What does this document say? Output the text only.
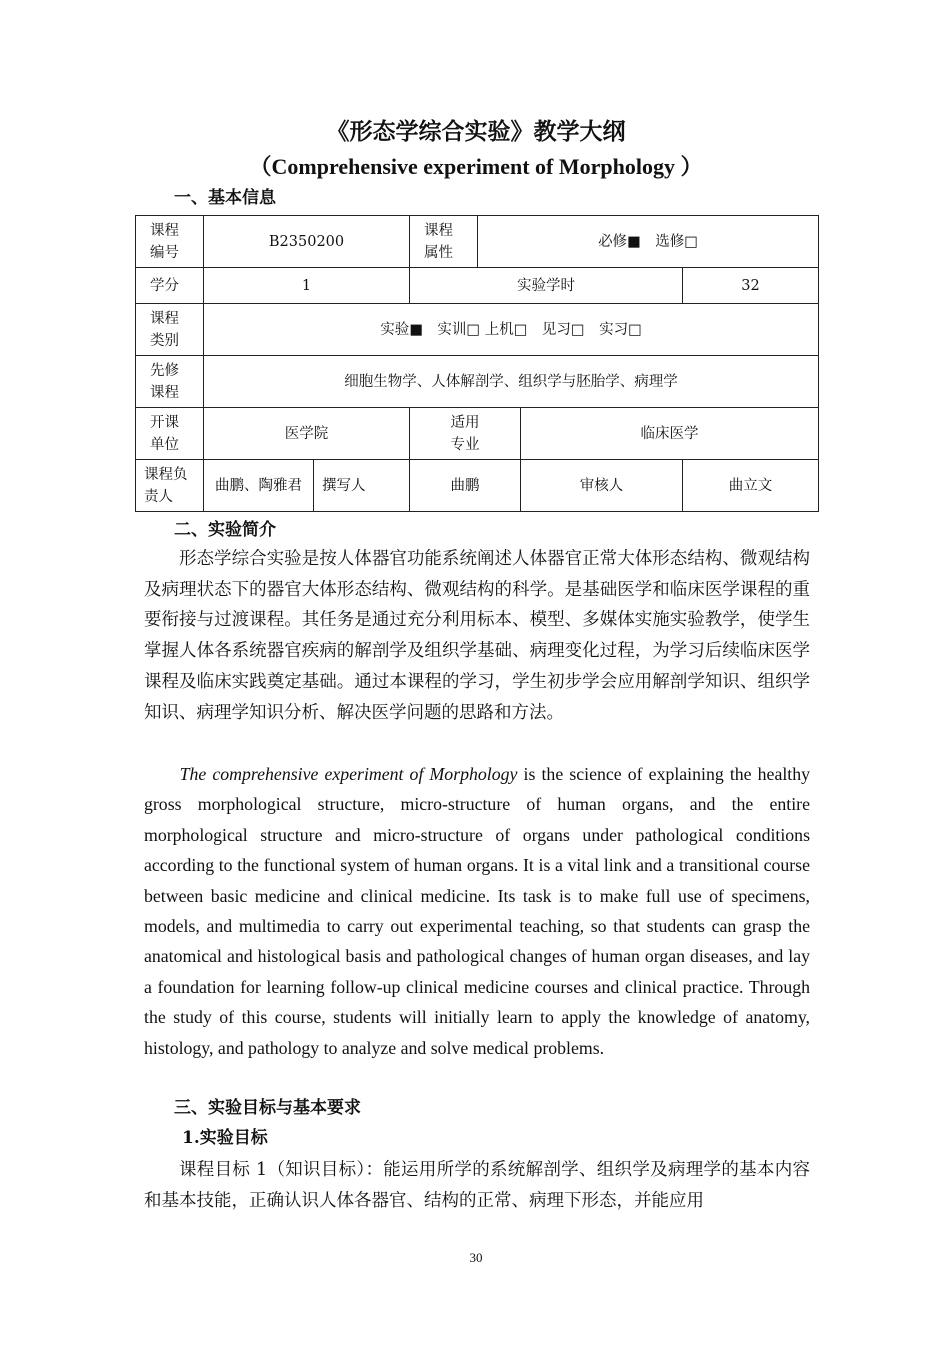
《形态学综合实验》教学大纲
（Comprehensive experiment of Morphology ）
一、基本信息
课程
编号	B2350200		课程
属性	必修■　选修□		
学分	1		实验学时			32
课程
类别	实验■　实训□ 上机□　见习□　实习□					
先修
课程	细胞生物学、人体解剖学、组织学与胚胎学、病理学					
开课
单位	医学院		适用
专业		临床医学	
课程负
责人	曲鹏、陶雅君	撰写人	曲鹏		审核人	曲立文
二、实验简介
形态学综合实验是按人体器官功能系统阐述人体器官正常大体形态结构、微观结构及病理状态下的器官大体形态结构、微观结构的科学。是基础医学和临床医学课程的重要衔接与过渡课程。其任务是通过充分利用标本、模型、多媒体实施实验教学，使学生掌握人体各系统器官疾病的解剖学及组织学基础、病理变化过程，为学习后续临床医学课程及临床实践奠定基础。通过本课程的学习，学生初步学会应用解剖学知识、组织学知识、病理学知识分析、解决医学问题的思路和方法。
The comprehensive experiment of Morphology is the science of explaining the healthy gross morphological structure, micro-structure of human organs, and the entire morphological structure and micro-structure of organs under pathological conditions according to the functional system of human organs. It is a vital link and a transitional course between basic medicine and clinical medicine. Its task is to make full use of specimens, models, and multimedia to carry out experimental teaching, so that students can grasp the anatomical and histological basis and pathological changes of human organ diseases, and lay a foundation for learning follow-up clinical medicine courses and clinical practice. Through the study of this course, students will initially learn to apply the knowledge of anatomy, histology, and pathology to analyze and solve medical problems.
三、实验目标与基本要求
1.实验目标
课程目标 1（知识目标）：能运用所学的系统解剖学、组织学及病理学的基本内容和基本技能，正确认识人体各器官、结构的正常、病理下形态，并能应用
30
